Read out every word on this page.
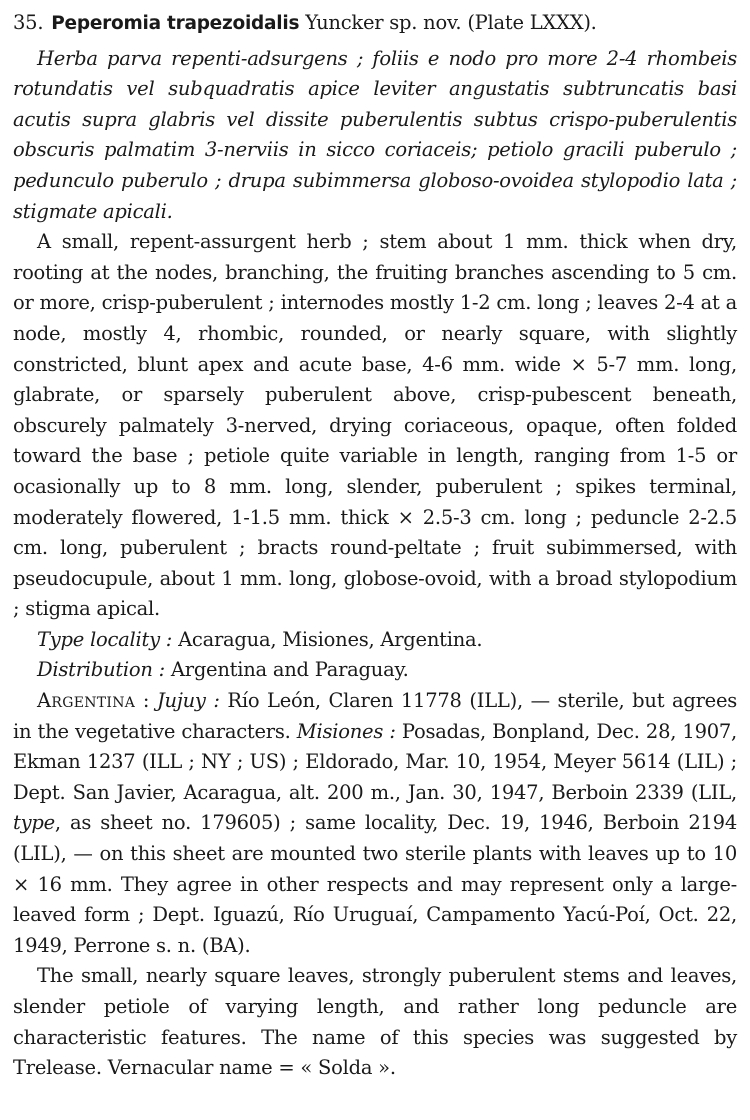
35. Peperomia trapezoidalis Yuncker sp. nov. (Plate LXXX).

Herba parva repenti-adsurgens ; foliis e nodo pro more 2-4 rhombeis rotundatis vel subquadratis apice leviter angustatis subtruncatis basi acutis supra glabris vel dissite puberulentis subtus crispo-puberulentis obscuris palmatim 3-nerviis in sicco coriaceis; petiolo gracili puberulo ; pedunculo puberulo ; drupa subimmersa globoso-ovoidea stylopodio lata ; stigmate apicali.

A small, repent-assurgent herb ; stem about 1 mm. thick when dry, rooting at the nodes, branching, the fruiting branches ascending to 5 cm. or more, crisp-puberulent ; internodes mostly 1-2 cm. long ; leaves 2-4 at a node, mostly 4, rhombic, rounded, or nearly square, with slightly constricted, blunt apex and acute base, 4-6 mm. wide × 5-7 mm. long, glabrate, or sparsely puberulent above, crisp-pubescent beneath, obscurely palmately 3-nerved, drying coriaceous, opaque, often folded toward the base ; petiole quite variable in length, ranging from 1-5 or ocasionally up to 8 mm. long, slender, puberulent ; spikes terminal, moderately flowered, 1-1.5 mm. thick × 2.5-3 cm. long ; peduncle 2-2.5 cm. long, puberulent ; bracts round-peltate ; fruit subimmersed, with pseudocupule, about 1 mm. long, globose-ovoid, with a broad stylopodium ; stigma apical.

Type locality : Acaragua, Misiones, Argentina.

Distribution : Argentina and Paraguay.

Argentina : Jujuy : Río León, Claren 11778 (ILL), — sterile, but agrees in the vegetative characters. Misiones : Posadas, Bonpland, Dec. 28, 1907, Ekman 1237 (ILL ; NY ; US) ; Eldorado, Mar. 10, 1954, Meyer 5614 (LIL) ; Dept. San Javier, Acaragua, alt. 200 m., Jan. 30, 1947, Berboin 2339 (LIL, type, as sheet no. 179605) ; same locality, Dec. 19, 1946, Berboin 2194 (LIL), — on this sheet are mounted two sterile plants with leaves up to 10 × 16 mm. They agree in other respects and may represent only a large-leaved form ; Dept. Iguazú, Río Uruguaí, Campamento Yacú-Poí, Oct. 22, 1949, Perrone s. n. (BA).

The small, nearly square leaves, strongly puberulent stems and leaves, slender petiole of varying length, and rather long peduncle are characteristic features. The name of this species was suggested by Trelease. Vernacular name = « Solda ».
